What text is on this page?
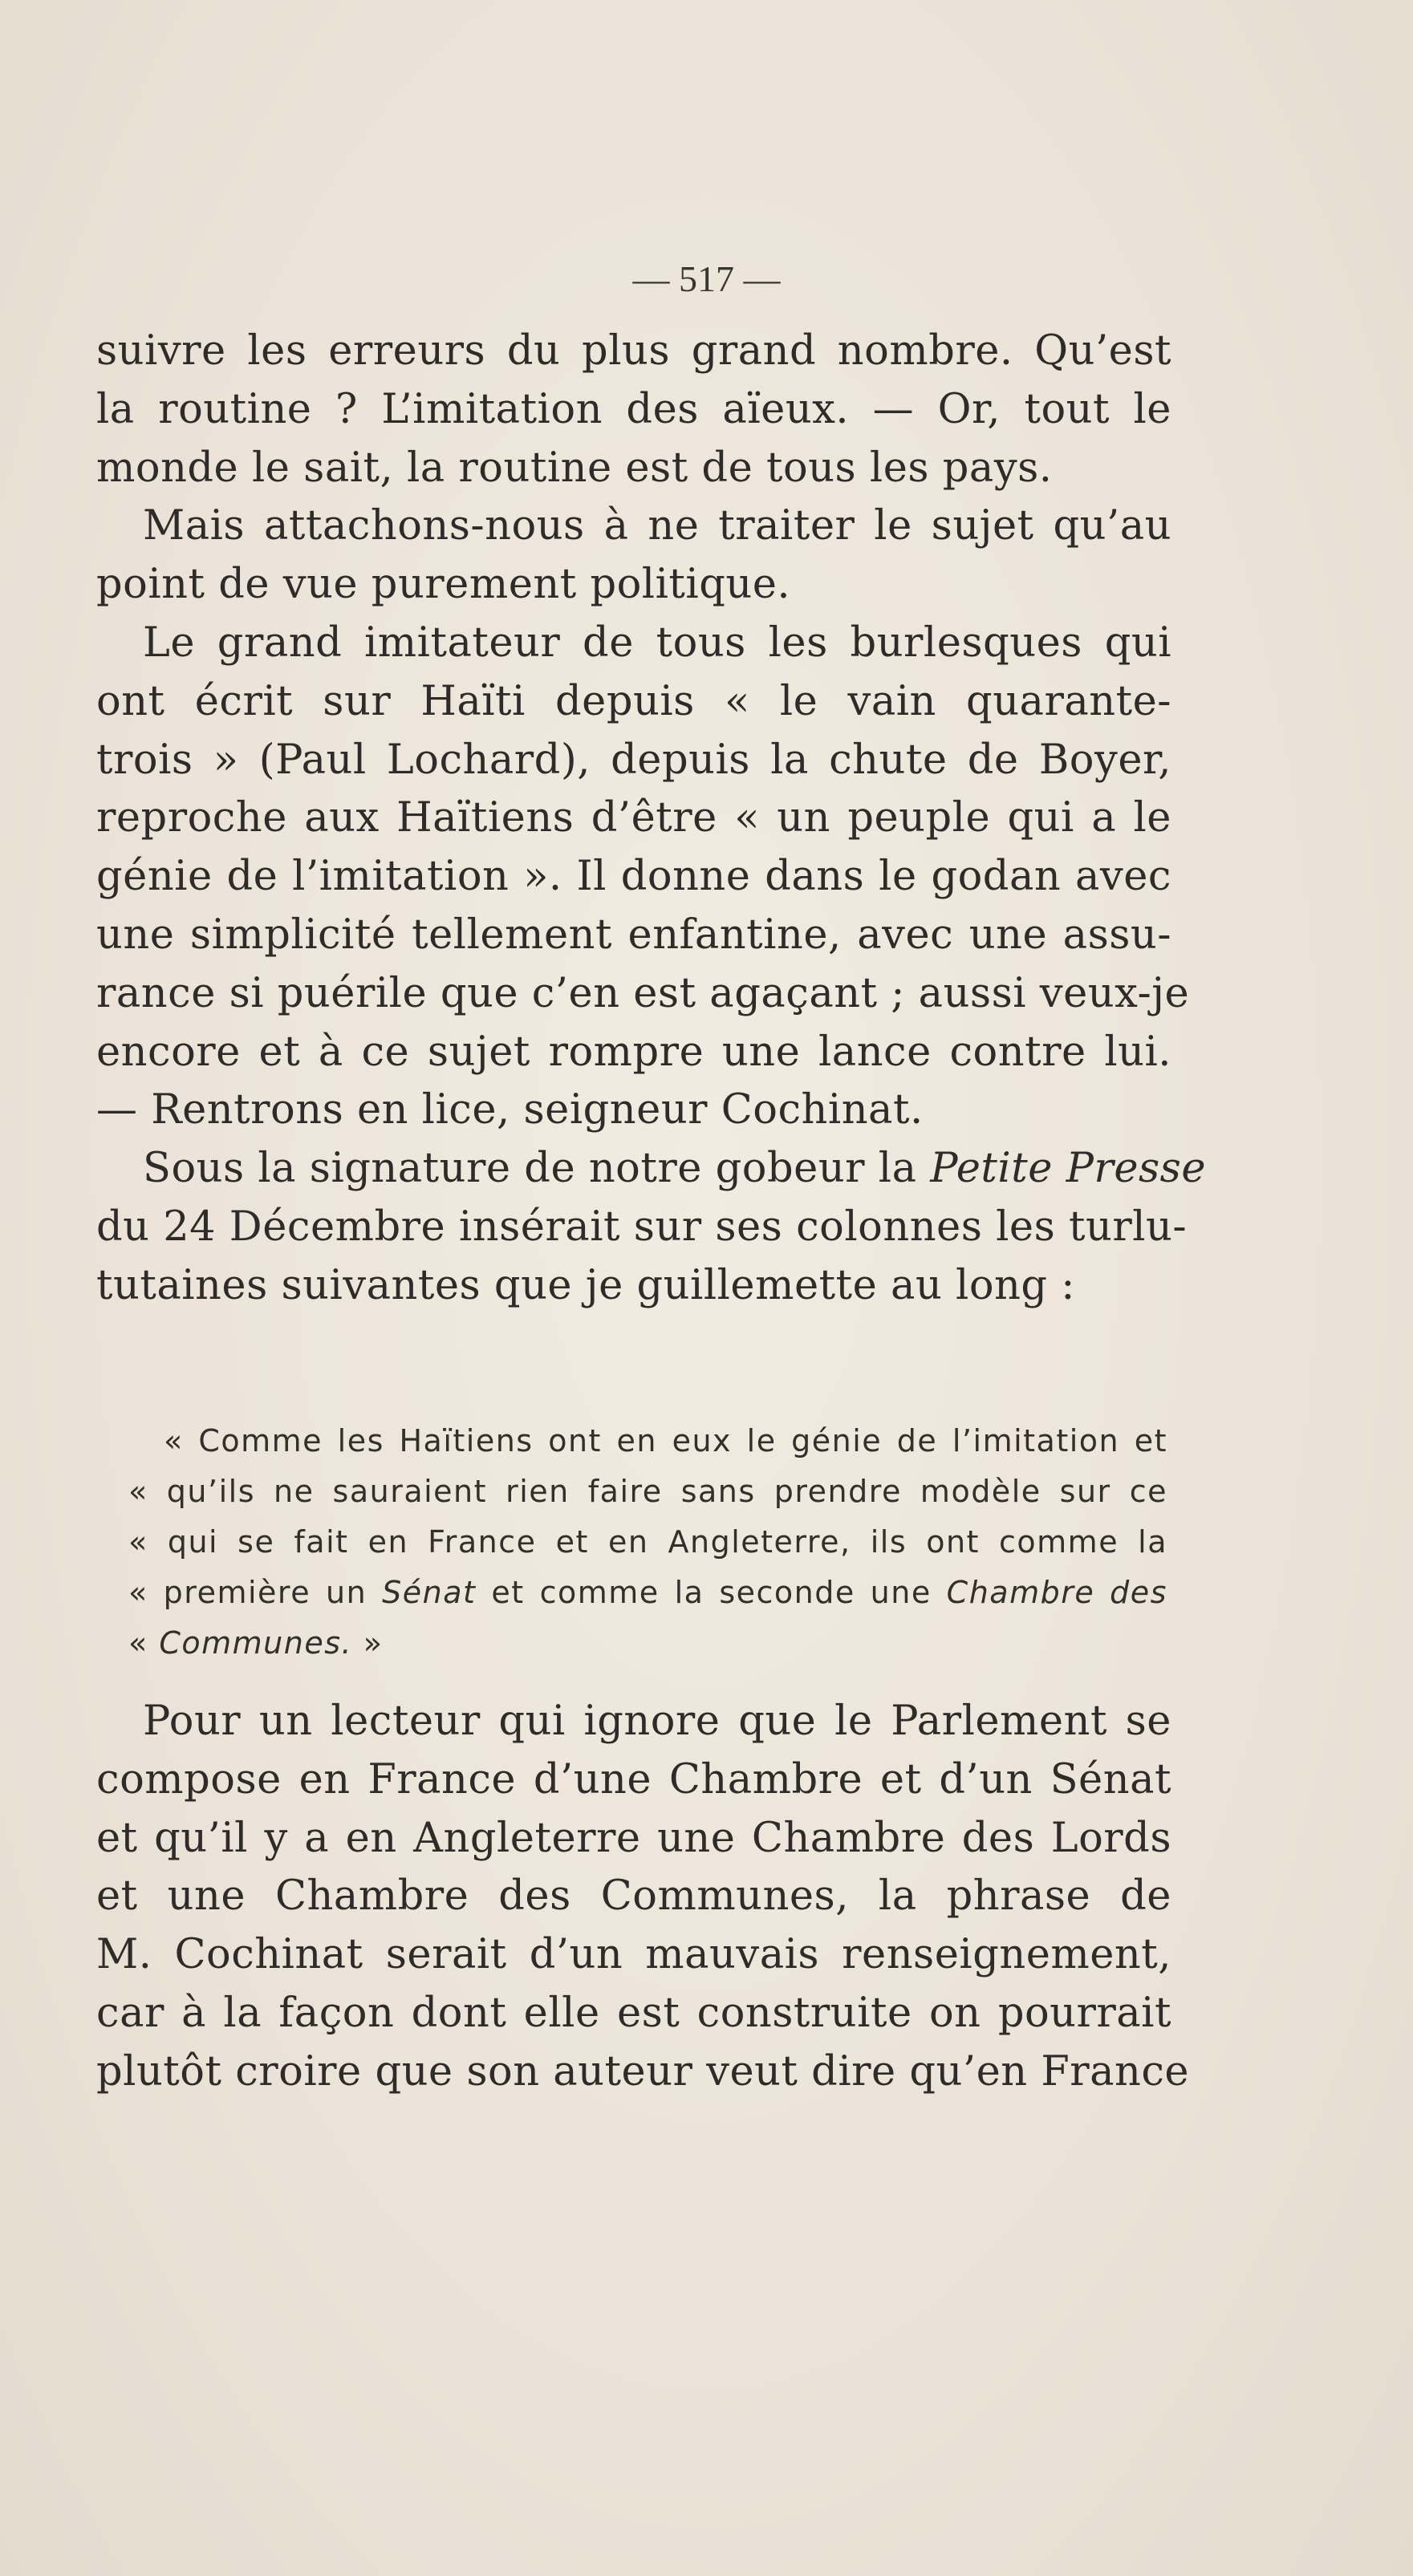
— 517 —
suivre les erreurs du plus grand nombre. Qu’est
la routine ? L’imitation des aïeux. — Or, tout le
monde le sait, la routine est de tous les pays.
Mais attachons-nous à ne traiter le sujet qu’au
point de vue purement politique.
Le grand imitateur de tous les burlesques qui
ont écrit sur Haïti depuis « le vain quarante-
trois » (Paul Lochard), depuis la chute de Boyer,
reproche aux Haïtiens d’être « un peuple qui a le
génie de l’imitation ». Il donne dans le godan avec
une simplicité tellement enfantine, avec une assu-
rance si puérile que c’en est agaçant ; aussi veux-je
encore et à ce sujet rompre une lance contre lui.
— Rentrons en lice, seigneur Cochinat.
Sous la signature de notre gobeur la Petite Presse
du 24 Décembre insérait sur ses colonnes les turlu-
tutaines suivantes que je guillemette au long :
« Comme les Haïtiens ont en eux le génie de l’imitation et
« qu’ils ne sauraient rien faire sans prendre modèle sur ce
« qui se fait en France et en Angleterre, ils ont comme la
« première un Sénat et comme la seconde une Chambre des
« Communes. »
Pour un lecteur qui ignore que le Parlement se
compose en France d’une Chambre et d’un Sénat
et qu’il y a en Angleterre une Chambre des Lords
et une Chambre des Communes, la phrase de
M. Cochinat serait d’un mauvais renseignement,
car à la façon dont elle est construite on pourrait
plutôt croire que son auteur veut dire qu’en France
